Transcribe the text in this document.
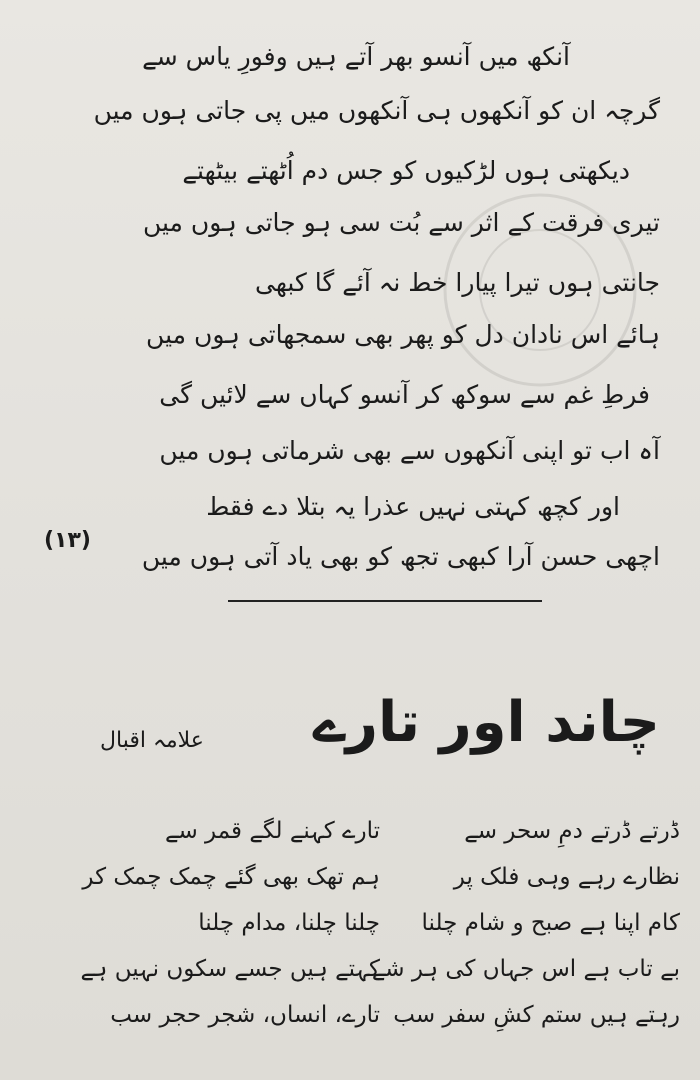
آنکھ میں آنسو بھر آتے ہیں وفورِ یاس سے
گرچہ ان کو آنکھوں ہی آنکھوں میں پی جاتی ہوں میں
دیکھتی ہوں لڑکیوں کو جس دم اُٹھتے بیٹھتے
تیری فرقت کے اثر سے بُت سی ہو جاتی ہوں میں
جانتی ہوں تیرا پیارا خط نہ آئے گا کبھی
ہائے اس نادان دل کو پھر بھی سمجھاتی ہوں میں
فرطِ غم سے سوکھ کر آنسو کہاں سے لائیں گی
آہ اب تو اپنی آنکھوں سے بھی شرماتی ہوں میں
اور کچھ کہتی نہیں عذرا یہ بتلا دے فقط
اچھی حسن آرا کبھی تجھ کو بھی یاد آتی ہوں میں
(۱۳)
چاند اور تارے
علامہ اقبال
ڈرتے ڈرتے دمِ سحر سے
نظارے رہے وہی فلک پر
کام اپنا ہے صبح و شام چلنا
بے تاب ہے اس جہاں کی ہر شے
رہتے ہیں ستم کشِ سفر سب
تارے کہنے لگے قمر سے
ہم تھک بھی گئے چمک چمک کر
چلنا چلنا، مدام چلنا
کہتے ہیں جسے سکوں نہیں ہے
تارے، انساں، شجر حجر سب
